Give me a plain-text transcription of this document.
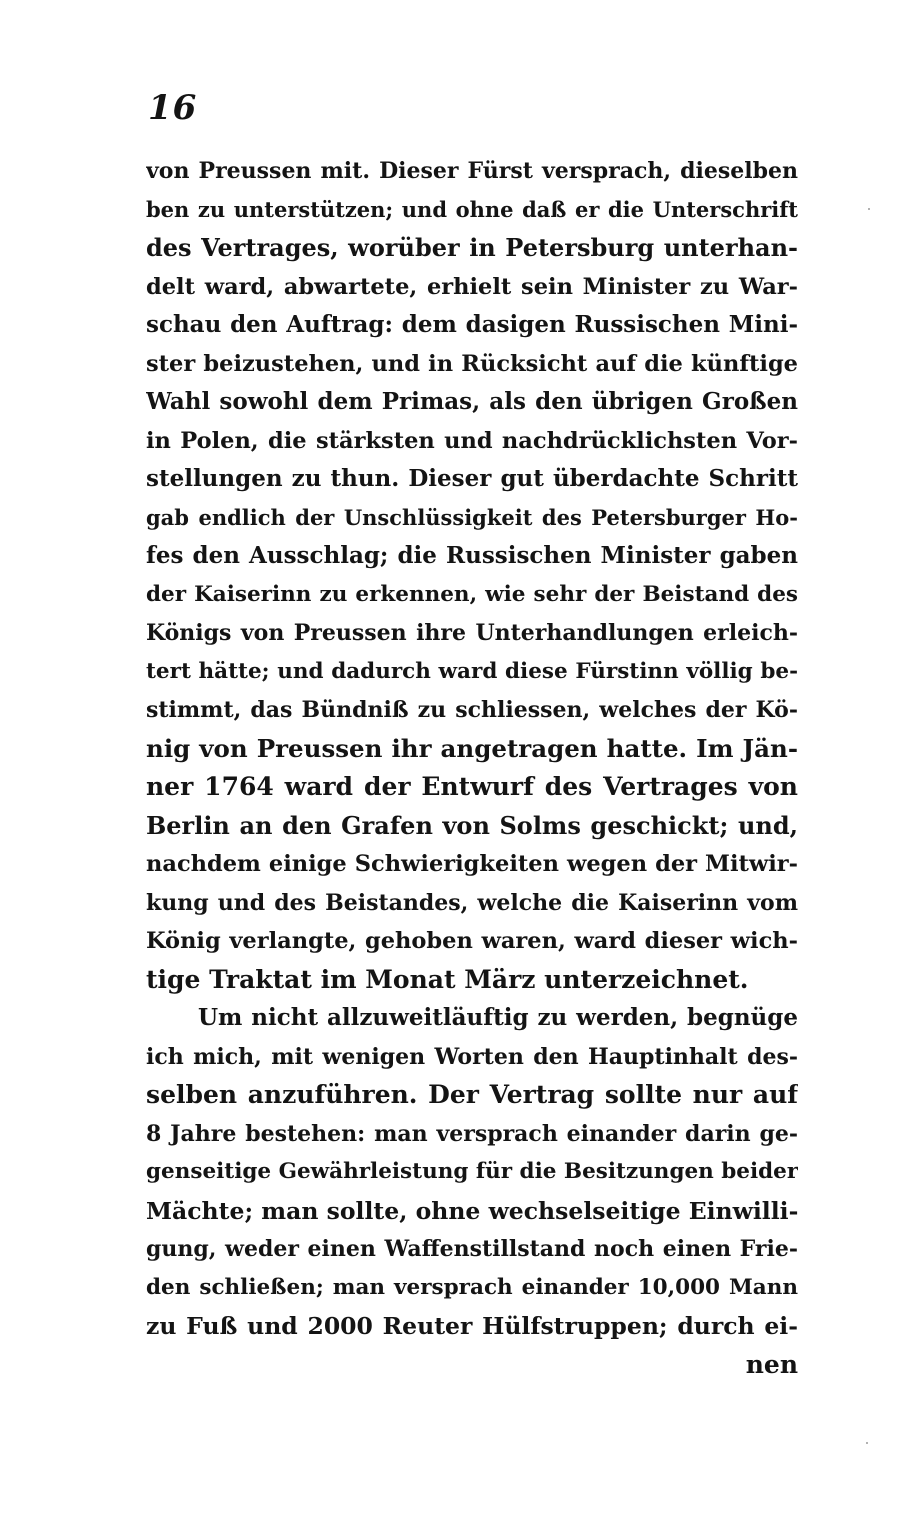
16
von Preussen mit. Dieser Fürst versprach, dieselben
ben zu unterstützen; und ohne daß er die Unterschrift
des Vertrages, worüber in Petersburg unterhan-
delt ward, abwartete, erhielt sein Minister zu War-
schau den Auftrag: dem dasigen Russischen Mini-
ster beizustehen, und in Rücksicht auf die künftige
Wahl sowohl dem Primas, als den übrigen Großen
in Polen, die stärksten und nachdrücklichsten Vor-
stellungen zu thun. Dieser gut überdachte Schritt
gab endlich der Unschlüssigkeit des Petersburger Ho-
fes den Ausschlag; die Russischen Minister gaben
der Kaiserinn zu erkennen, wie sehr der Beistand des
Königs von Preussen ihre Unterhandlungen erleich-
tert hätte; und dadurch ward diese Fürstinn völlig be-
stimmt, das Bündniß zu schliessen, welches der Kö-
nig von Preussen ihr angetragen hatte. Im Jän-
ner 1764 ward der Entwurf des Vertrages von
Berlin an den Grafen von Solms geschickt; und,
nachdem einige Schwierigkeiten wegen der Mitwir-
kung und des Beistandes, welche die Kaiserinn vom
König verlangte, gehoben waren, ward dieser wich-
tige Traktat im Monat März unterzeichnet.
Um nicht allzuweitläuftig zu werden, begnüge
ich mich, mit wenigen Worten den Hauptinhalt des-
selben anzuführen. Der Vertrag sollte nur auf
8 Jahre bestehen: man versprach einander darin ge-
genseitige Gewährleistung für die Besitzungen beider
Mächte; man sollte, ohne wechselseitige Einwilli-
gung, weder einen Waffenstillstand noch einen Frie-
den schließen; man versprach einander 10,000 Mann
zu Fuß und 2000 Reuter Hülfstruppen; durch ei-
nen
